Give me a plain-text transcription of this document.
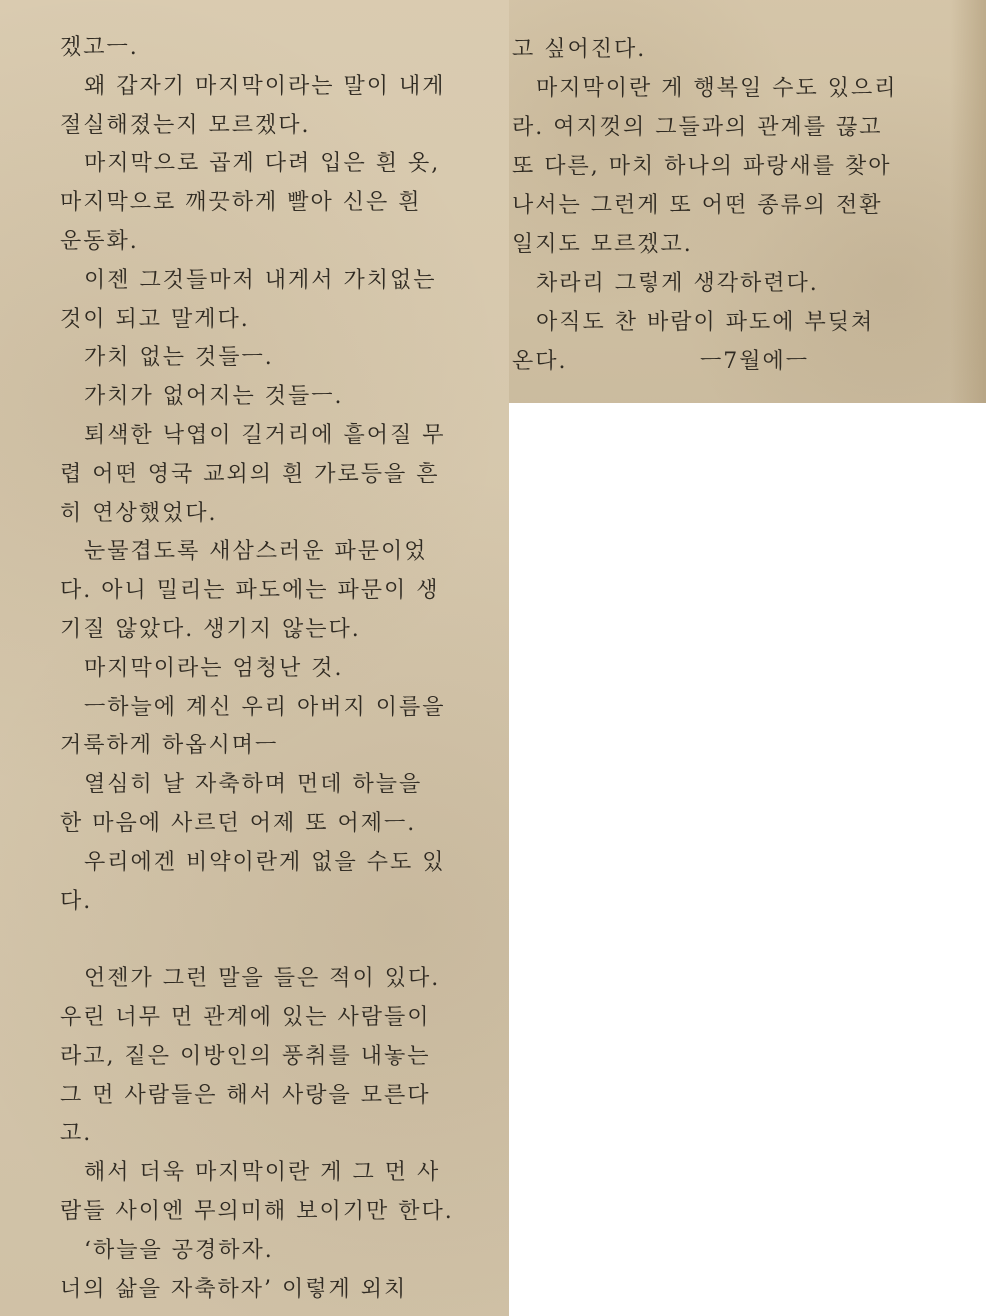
겠고ㅡ.
　왜 갑자기 마지막이라는 말이 내게
절실해졌는지 모르겠다.
　마지막으로 곱게 다려 입은 흰 옷,
마지막으로 깨끗하게 빨아 신은 흰
운동화.
　이젠 그것들마저 내게서 가치없는
것이 되고 말게다.
　가치 없는 것들ㅡ.
　가치가 없어지는 것들ㅡ.
　퇴색한 낙엽이 길거리에 흩어질 무
렵 어떤 영국 교외의 흰 가로등을 흔
히 연상했었다.
　눈물겹도록 새삼스러운 파문이었
다. 아니 밀리는 파도에는 파문이 생
기질 않았다. 생기지 않는다.
　마지막이라는 엄청난 것.
　ㅡ하늘에 계신 우리 아버지 이름을
거룩하게 하옵시며ㅡ
　열심히 날 자축하며 먼데 하늘을
한 마음에 사르던 어제 또 어제ㅡ.
　우리에겐 비약이란게 없을 수도 있
다.
　언젠가 그런 말을 들은 적이 있다.
우린 너무 먼 관계에 있는 사람들이
라고, 짙은 이방인의 풍취를 내놓는
그 먼 사람들은 해서 사랑을 모른다
고.
　해서 더욱 마지막이란 게 그 먼 사
람들 사이엔 무의미해 보이기만 한다.
　‘하늘을 공경하자.
너의 삶을 자축하자’ 이렇게 외치
ㅡ7월에ㅡ
고 싶어진다.
　마지막이란 게 행복일 수도 있으리
라. 여지껏의 그들과의 관계를 끊고
또 다른, 마치 하나의 파랑새를 찾아
나서는 그런게 또 어떤 종류의 전환
일지도 모르겠고.
　차라리 그렇게 생각하련다.
　아직도 찬 바람이 파도에 부딪쳐
온다.
